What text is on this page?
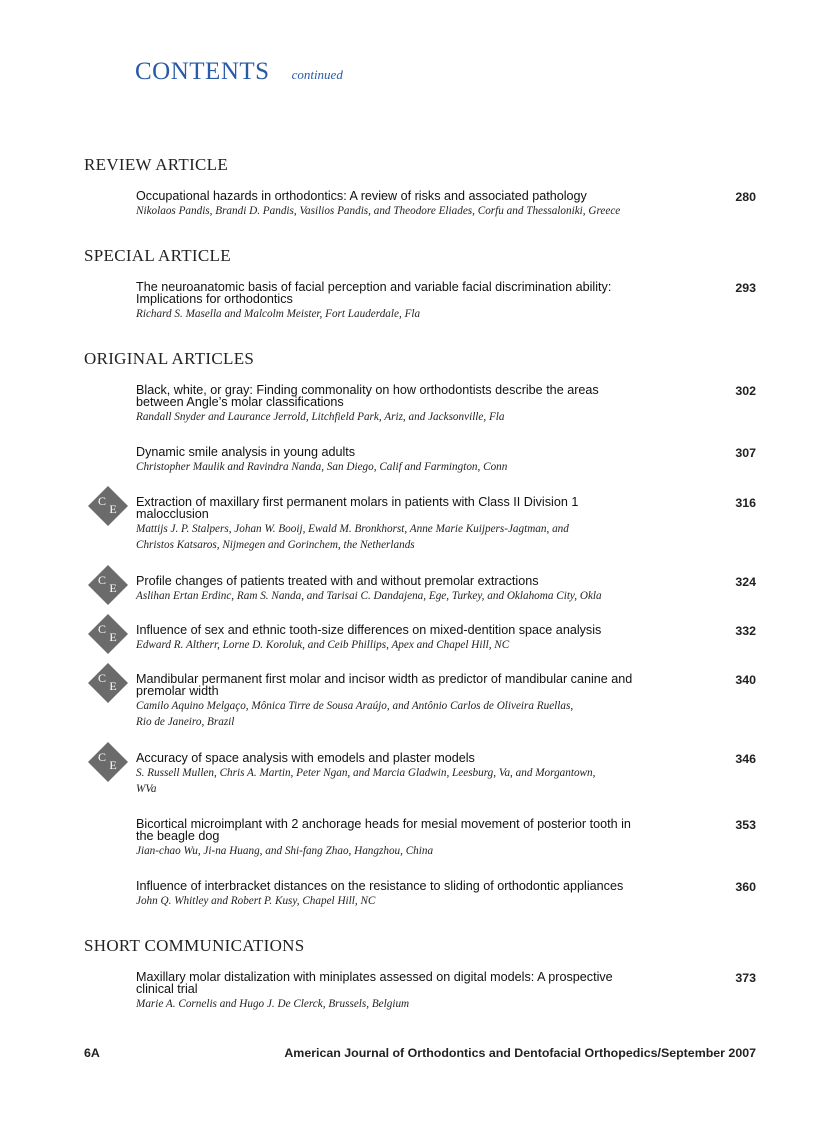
CONTENTS continued
REVIEW ARTICLE
Occupational hazards in orthodontics: A review of risks and associated pathology
Nikolaos Pandis, Brandi D. Pandis, Vasilios Pandis, and Theodore Eliades, Corfu and Thessaloniki, Greece
280
SPECIAL ARTICLE
The neuroanatomic basis of facial perception and variable facial discrimination ability:
Implications for orthodontics
Richard S. Masella and Malcolm Meister, Fort Lauderdale, Fla
293
ORIGINAL ARTICLES
Black, white, or gray: Finding commonality on how orthodontists describe the areas
between Angle’s molar classifications
Randall Snyder and Laurance Jerrold, Litchfield Park, Ariz, and Jacksonville, Fla
302
Dynamic smile analysis in young adults
Christopher Maulik and Ravindra Nanda, San Diego, Calif and Farmington, Conn
307
C
E Extraction of maxillary first permanent molars in patients with Class II Division 1
malocclusion
Mattijs J. P. Stalpers, Johan W. Booij, Ewald M. Bronkhorst, Anne Marie Kuijpers-Jagtman, and
Christos Katsaros, Nijmegen and Gorinchem, the Netherlands
316
C
E Profile changes of patients treated with and without premolar extractions
Aslihan Ertan Erdinc, Ram S. Nanda, and Tarisai C. Dandajena, Ege, Turkey, and Oklahoma City, Okla
324
C
E Influence of sex and ethnic tooth-size differences on mixed-dentition space analysis
Edward R. Altherr, Lorne D. Koroluk, and Ceib Phillips, Apex and Chapel Hill, NC
332
C
E Mandibular permanent first molar and incisor width as predictor of mandibular canine and
premolar width
Camilo Aquino Melgaço, Mônica Tirre de Sousa Araújo, and Antônio Carlos de Oliveira Ruellas,
Rio de Janeiro, Brazil
340
C
E Accuracy of space analysis with emodels and plaster models
S. Russell Mullen, Chris A. Martin, Peter Ngan, and Marcia Gladwin, Leesburg, Va, and Morgantown,
WVa
346
Bicortical microimplant with 2 anchorage heads for mesial movement of posterior tooth in
the beagle dog
Jian-chao Wu, Ji-na Huang, and Shi-fang Zhao, Hangzhou, China
353
Influence of interbracket distances on the resistance to sliding of orthodontic appliances
John Q. Whitley and Robert P. Kusy, Chapel Hill, NC
360
SHORT COMMUNICATIONS
Maxillary molar distalization with miniplates assessed on digital models: A prospective
clinical trial
Marie A. Cornelis and Hugo J. De Clerck, Brussels, Belgium
373
6A	American Journal of Orthodontics and Dentofacial Orthopedics/September 2007
